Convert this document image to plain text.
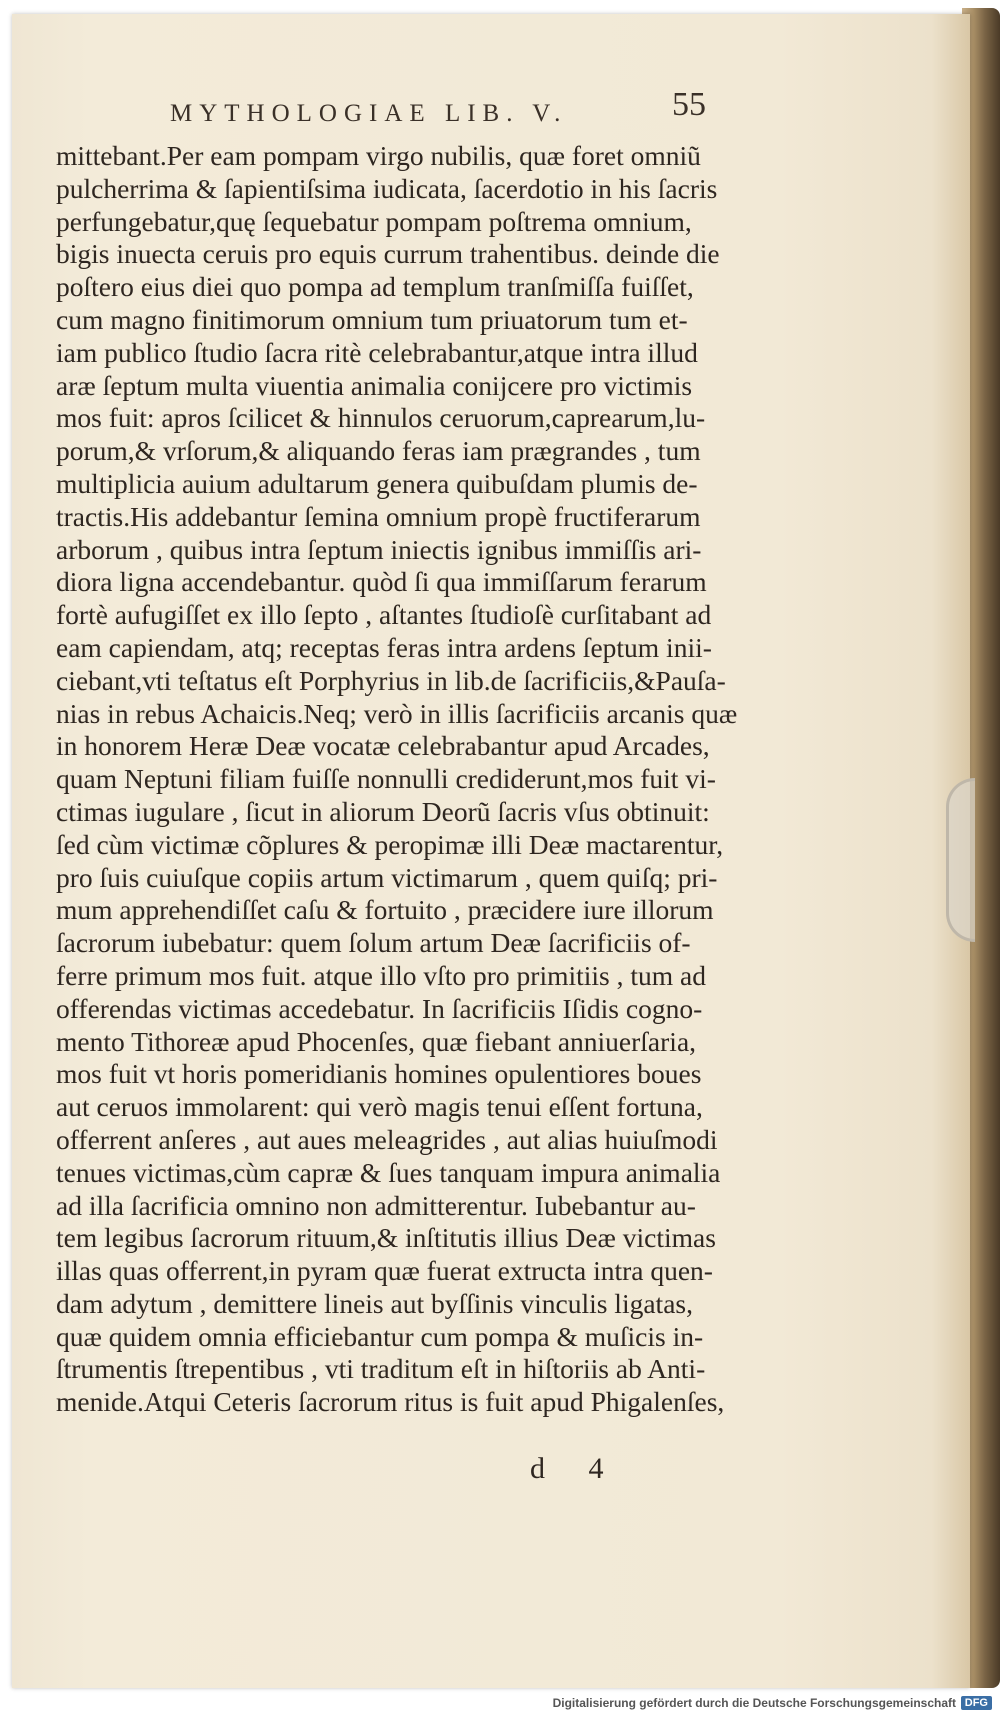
MYTHOLOGIAE LIB. V.	55
mittebant.Per eam pompam virgo nubilis, quæ foret omniũ
pulcherrima & ſapientiſsima iudicata, ſacerdotio in his ſacris
perfungebatur,quę ſequebatur pompam poſtrema omnium,
bigis inuecta ceruis pro equis currum trahentibus. deinde die
poſtero eius diei quo pompa ad templum tranſmiſſa fuiſſet,
cum magno finitimorum omnium tum priuatorum tum et-
iam publico ſtudio ſacra ritè celebrabantur,atque intra illud
aræ ſeptum multa viuentia animalia conijcere pro victimis
mos fuit: apros ſcilicet & hinnulos ceruorum,caprearum,lu-
porum,& vrſorum,& aliquando feras iam prægrandes , tum
multiplicia auium adultarum genera quibuſdam plumis de-
tractis.His addebantur ſemina omnium propè fructiferarum
arborum , quibus intra ſeptum iniectis ignibus immiſſis ari-
diora ligna accendebantur. quòd ſi qua immiſſarum ferarum
fortè aufugiſſet ex illo ſepto , aſtantes ſtudioſè curſitabant ad
eam capiendam, atq; receptas feras intra ardens ſeptum inii-
ciebant,vti teſtatus eſt Porphyrius in lib.de ſacrificiis,&Pauſa-
nias in rebus Achaicis.Neq; verò in illis ſacrificiis arcanis quæ
in honorem Heræ Deæ vocatæ celebrabantur apud Arcades,
quam Neptuni filiam fuiſſe nonnulli crediderunt,mos fuit vi-
ctimas iugulare , ſicut in aliorum Deorũ ſacris vſus obtinuit:
ſed cùm victimæ cõplures & peropimæ illi Deæ mactarentur,
pro ſuis cuiuſque copiis artum victimarum , quem quiſq; pri-
mum apprehendiſſet caſu & fortuito , præcidere iure illorum
ſacrorum iubebatur: quem ſolum artum Deæ ſacrificiis of-
ferre primum mos fuit. atque illo vſto pro primitiis , tum ad
offerendas victimas accedebatur. In ſacrificiis Iſidis cogno-
mento Tithoreæ apud Phocenſes, quæ fiebant anniuerſaria,
mos fuit vt horis pomeridianis homines opulentiores boues
aut ceruos immolarent: qui verò magis tenui eſſent fortuna,
offerrent anſeres , aut aues meleagrides , aut alias huiuſmodi
tenues victimas,cùm capræ & ſues tanquam impura animalia
ad illa ſacrificia omnino non admitterentur. Iubebantur au-
tem legibus ſacrorum rituum,& inſtitutis illius Deæ victimas
illas quas offerrent,in pyram quæ fuerat extructa intra quen-
dam adytum , demittere lineis aut byſſinis vinculis ligatas,
quæ quidem omnia efficiebantur cum pompa & muſicis in-
ſtrumentis ſtrepentibus , vti traditum eſt in hiſtoriis ab Anti-
menide.Atqui Ceteris ſacrorum ritus is fuit apud Phigalenſes,
d 4
Digitalisierung gefördert durch die Deutsche Forschungsgemeinschaft DFG
